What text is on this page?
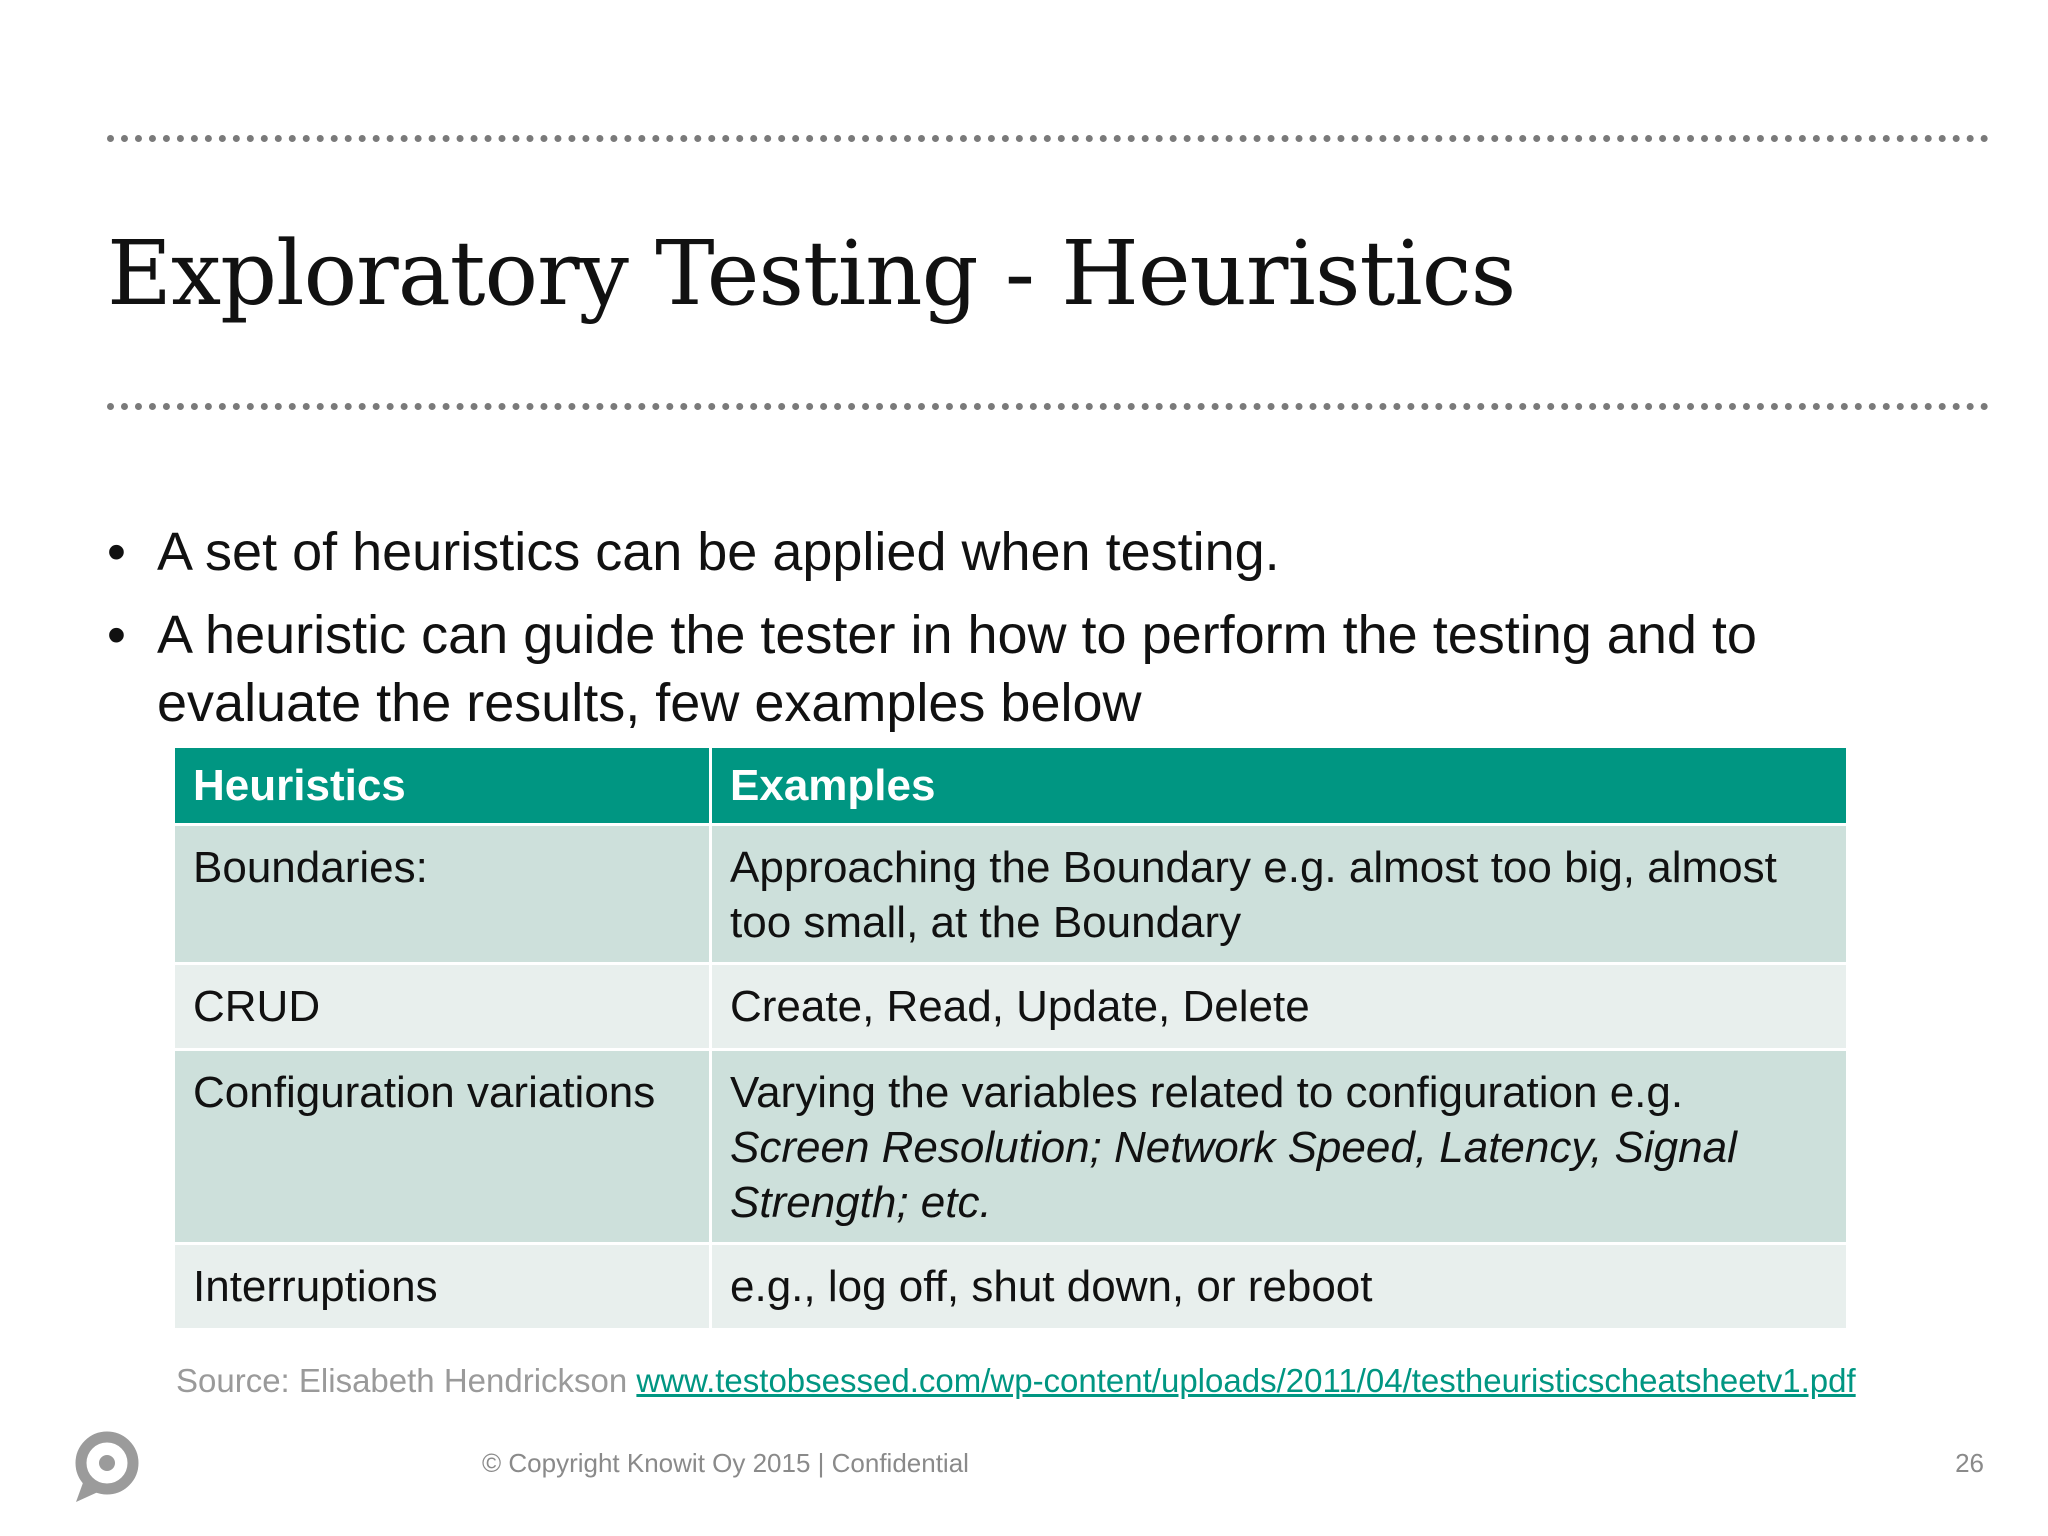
Exploratory Testing - Heuristics
• A set of heuristics can be applied when testing.
• A heuristic can guide the tester in how to perform the testing and to evaluate the results, few examples below
Heuristics	Examples
Boundaries:	Approaching the Boundary e.g. almost too big, almost too small, at the Boundary
CRUD	Create, Read, Update, Delete
Configuration variations	Varying the variables related to configuration e.g.
Screen Resolution; Network Speed, Latency, Signal Strength; etc.
Interruptions	e.g., log off, shut down, or reboot
Source: Elisabeth Hendrickson www.testobsessed.com/wp-content/uploads/2011/04/testheuristicscheatsheetv1.pdf
© Copyright Knowit Oy 2015 | Confidential	26
